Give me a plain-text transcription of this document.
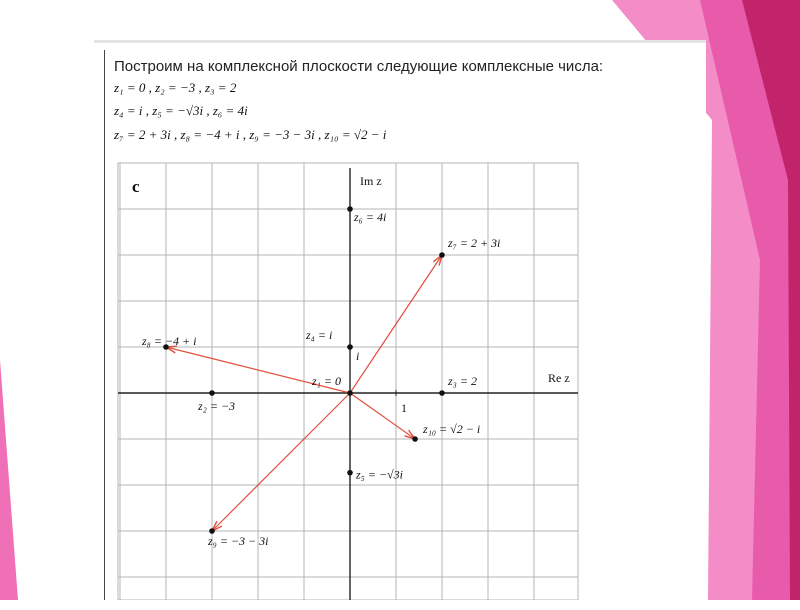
Построим на комплексной плоскости следующие комплексные числа:
z₁ = 0 , z₂ = −3 , z₃ = 2
z₄ = i , z₅ = −√3i , z₆ = 4i
z₇ = 2 + 3i , z₈ = −4 + i , z₉ = −3 − 3i , z₁₀ = √2 − i
z₁ = 0
z₂ = −3
z₃ = 2
z₄ = i
z₅ = −√3i
z₆ = 4i
z₇ = 2 + 3i
z₈ = −4 + i
z₉ = −3 − 3i
z₁₀ = √2 − i
c
Re z
Im z
1
i
